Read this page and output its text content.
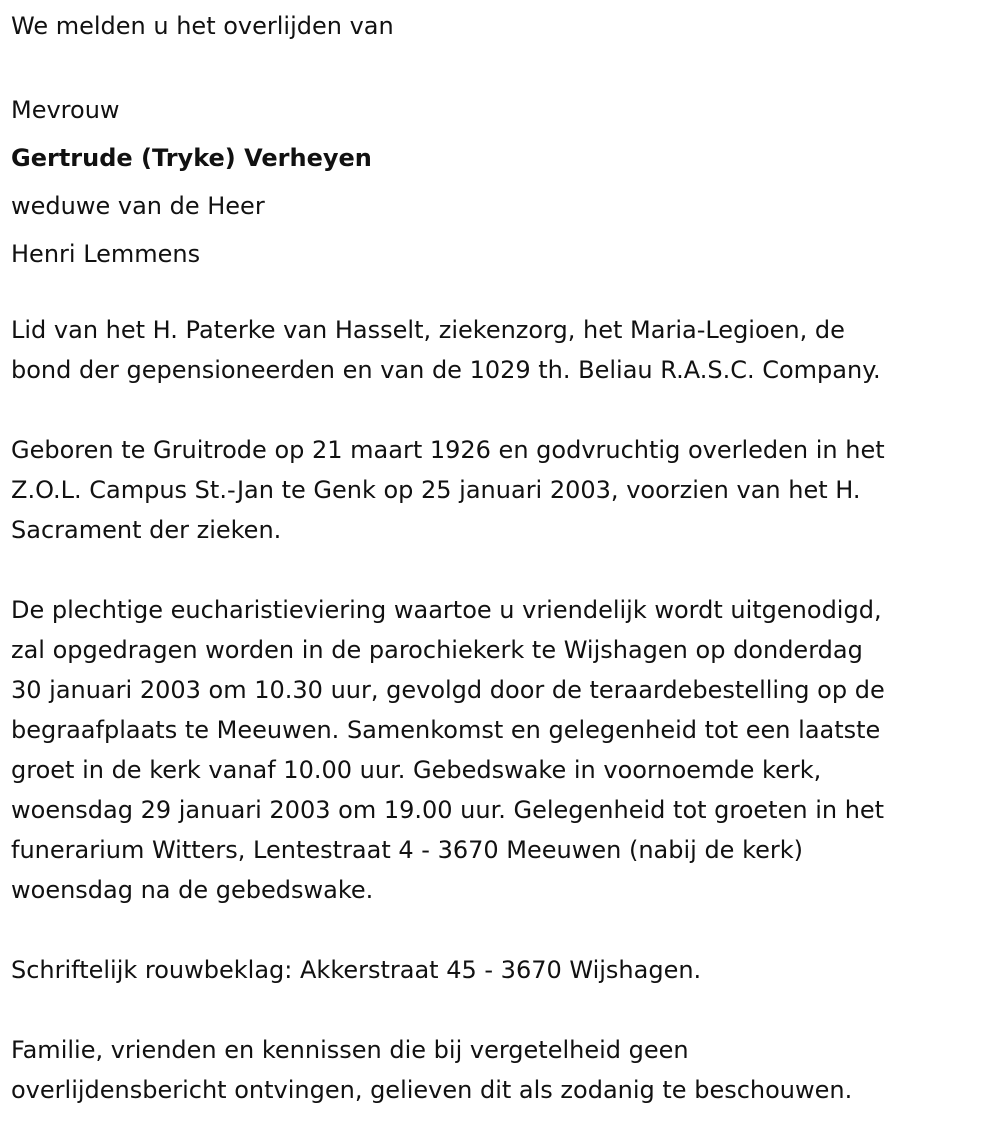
We melden u het overlijden van
Mevrouw
Gertrude (Tryke) Verheyen
weduwe van de Heer
Henri Lemmens
Lid van het H. Paterke van Hasselt, ziekenzorg, het Maria-Legioen, de
bond der gepensioneerden en van de 1029 th. Beliau R.A.S.C. Company.
Geboren te Gruitrode op 21 maart 1926 en godvruchtig overleden in het
Z.O.L. Campus St.-Jan te Genk op 25 januari 2003, voorzien van het H.
Sacrament der zieken.
De plechtige eucharistieviering waartoe u vriendelijk wordt uitgenodigd,
zal opgedragen worden in de parochiekerk te Wijshagen op donderdag
30 januari 2003 om 10.30 uur, gevolgd door de teraardebestelling op de
begraafplaats te Meeuwen. Samenkomst en gelegenheid tot een laatste
groet in de kerk vanaf 10.00 uur. Gebedswake in voornoemde kerk,
woensdag 29 januari 2003 om 19.00 uur. Gelegenheid tot groeten in het
funerarium Witters, Lentestraat 4 - 3670 Meeuwen (nabij de kerk)
woensdag na de gebedswake.
Schriftelijk rouwbeklag: Akkerstraat 45 - 3670 Wijshagen.
Familie, vrienden en kennissen die bij vergetelheid geen
overlijdensbericht ontvingen, gelieven dit als zodanig te beschouwen.
